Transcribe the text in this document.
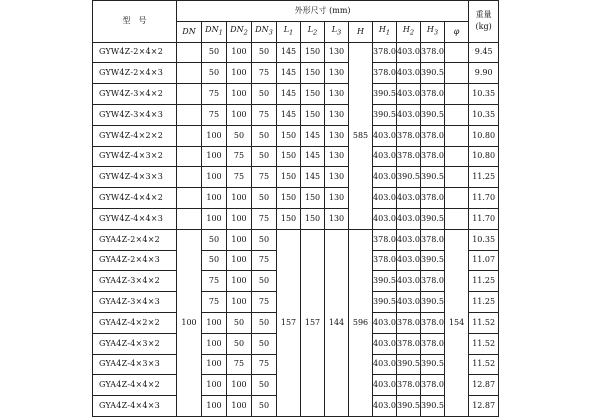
型　号	外形尺寸 (mm)												重量
(kg)

	DN	$DN_1$	$DN_2$	$DN_3$	$L_1$	$L_2$	$L_3$	H	$H_1$	$H_2$	$H_3$	φ	
GYW4Z-2×4×2		50	100	50	145	150	130	585	378.0	403.0	378.0		9.45
GYW4Z-2×4×3		50	100	75	145	150	130		378.0	403.0	390.5		9.90
GYW4Z-3×4×2		75	100	50	145	150	130		390.5	403.0	378.0		10.35
GYW4Z-3×4×3		75	100	75	145	150	130		390.5	403.0	390.5		10.35
GYW4Z-4×2×2		100	50	50	150	145	130		403.0	378.0	378.0		10.80
GYW4Z-4×3×2		100	75	50	150	145	130		403.0	378.0	378.0		10.80
GYW4Z-4×3×3		100	75	75	150	145	130		403.0	390.5	390.5		11.25
GYW4Z-4×4×2		100	100	50	150	150	130		403.0	403.0	378.0		11.70
GYW4Z-4×4×3		100	100	75	150	150	130		403.0	403.0	390.5		11.70
GYA4Z-2×4×2	100	50	100	50	157	157	144	596	378.0	403.0	378.0	154	10.35
GYA4Z-2×4×3		50	100	75					378.0	403.0	390.5		11.07
GYA4Z-3×4×2		75	100	50					390.5	403.0	378.0		11.25
GYA4Z-3×4×3		75	100	75					390.5	403.0	390.5		11.25
GYA4Z-4×2×2		100	50	50					403.0	378.0	378.0		11.52
GYA4Z-4×3×2		100	50	50					403.0	378.0	378.0		11.52
GYA4Z-4×3×3		100	75	75					403.0	390.5	390.5		11.52
GYA4Z-4×4×2		100	100	50					403.0	378.0	378.0		12.87
GYA4Z-4×4×3		100	100	50					403.0	390.5	390.5		12.87
